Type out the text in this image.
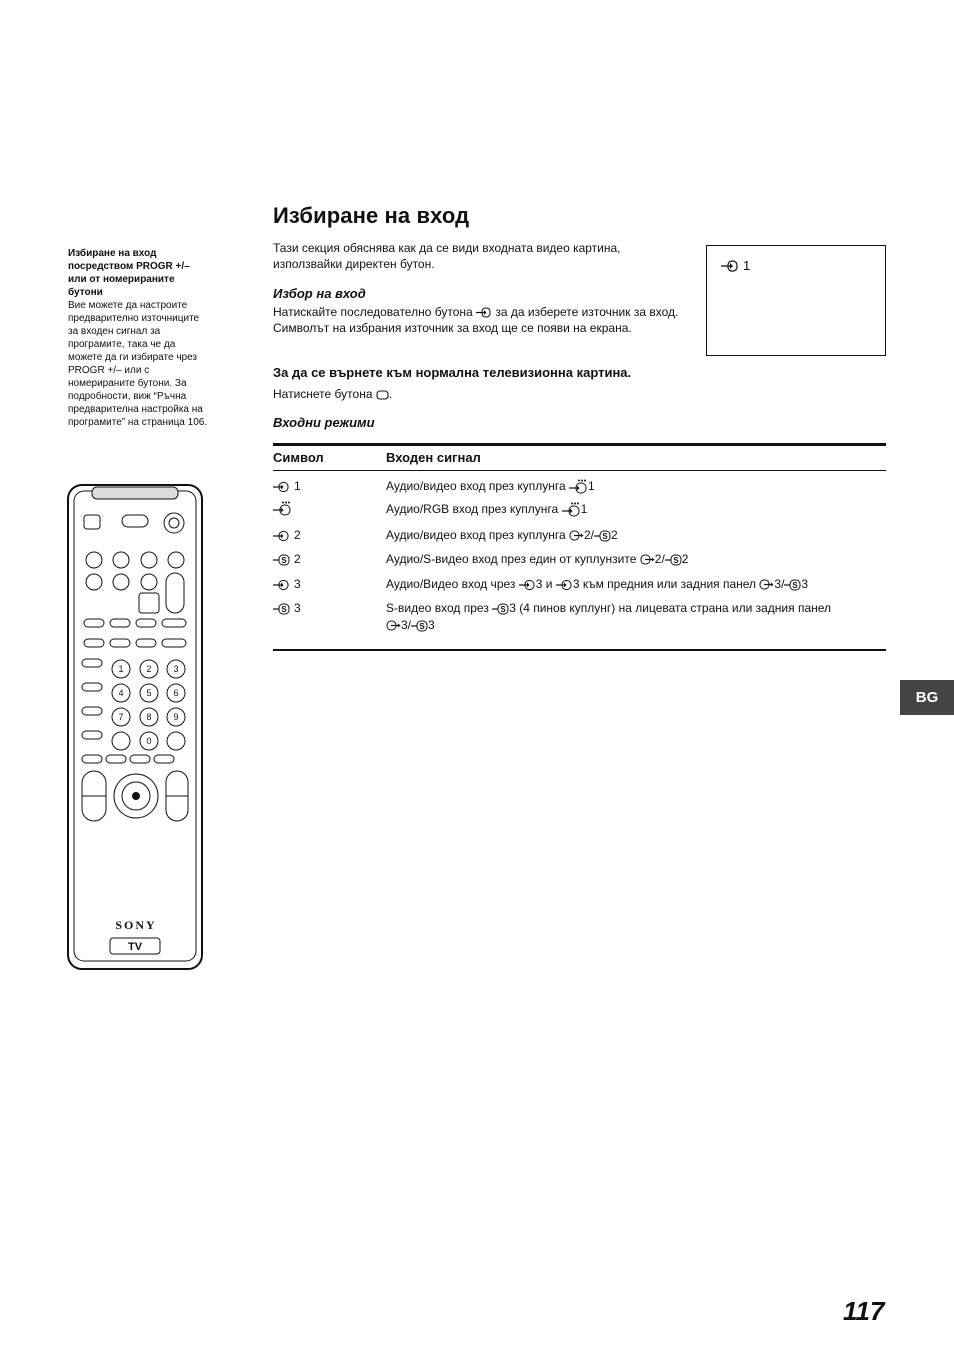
Избиране на вход посредством PROGR +/– или от номерираните бутони
Вие можете да настроите предварително източниците за входен сигнал за програмите, така че да можете да ги избирате чрез PROGR +/– или с номерираните бутони. За подробности, виж “Ръчна предварителна настройка на програмите” на страница 106.
1	2 3
4	5 6
7	8 9
0
SONY
TV
Избиране на вход
Тази секция обяснява как да се види входната видео картина, използвайки директен бутон.	1
Избор на вход
Натискайте последователно бутона за да изберете източник за вход.
Символът на избрания източник за вход ще се появи на екрана.
За да се върнете към нормална телевизионна картина.
Натиснете бутона .
Входни режими
Символ	Входен сигнал
1	Аудио/видео вход през куплунга 1
Аудио/RGB вход през куплунга 1
2	Аудио/видео вход през куплунга 2/ S 2
S 2	Аудио/S-видео вход през един от куплунзите 2/ S 2
3	Аудио/Видео вход чрез 3 и 3 към предния или задния панел 3/ S 3
S 3	S-видео вход през S 3 (4 пинов куплунг) на лицевата страна или задния панел
3/ S 3
BG
117
